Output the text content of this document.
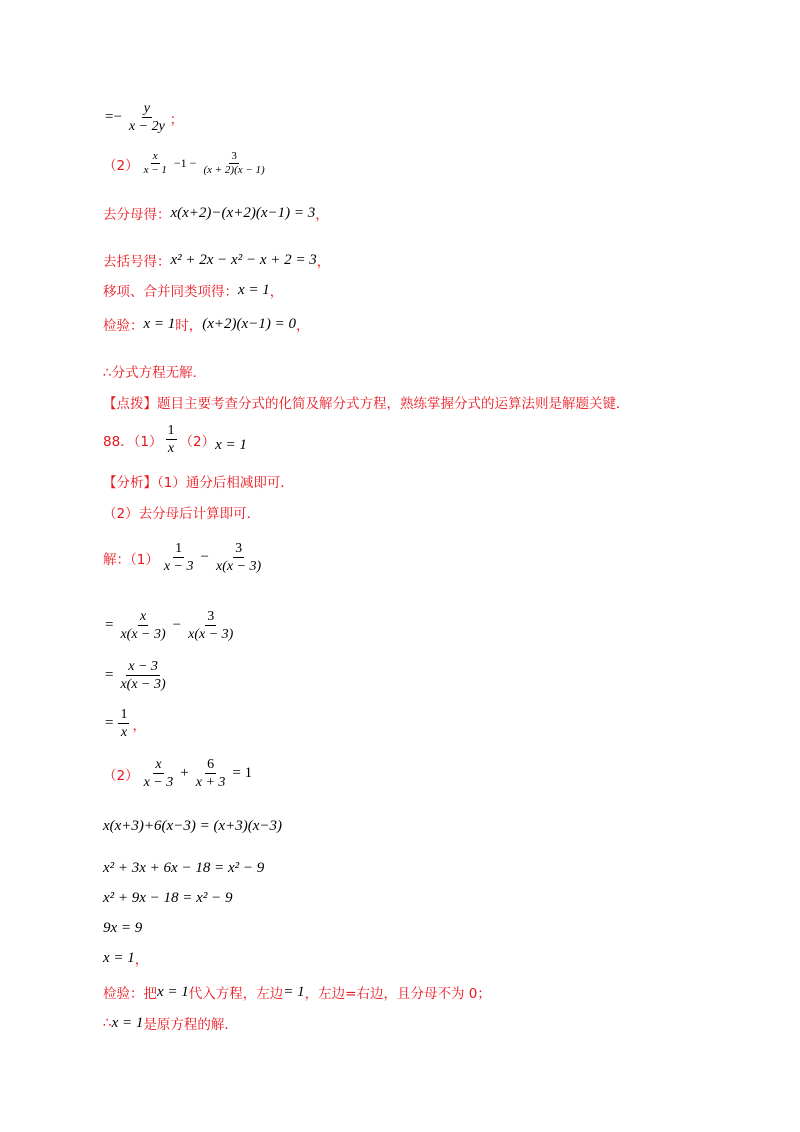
=− $\frac{y}{x - 2y}$ ；
$(2) \frac{x}{x - 1} -1 - \frac{3}{(x + 2)(x - 1)}$
去分母得： x(x+2)−(x+2)(x−1) = 3 ，
去括号得： x² + 2x − x² − x + 2 = 3 ，
移项、合并同类项得： x = 1 ，
检验： x = 1 时， (x+2)(x−1) = 0 ，
∴分式方程无解．
【点拨】题目主要考查分式的化简及解分式方程，熟练掌握分式的运算法则是解题关键．
88．$(1) \frac{1}{x} (2) x = 1$
【分析】（1）通分后相减即可．
（2）去分母后计算即可．
解：$(1) \frac{1}{x - 3} - \frac{3}{x(x - 3)}$
= $\frac{x}{x(x - 3)} - \frac{3}{x(x - 3)}$
= $\frac{x - 3}{x(x - 3)}$
= $\frac{1}{x}$ ，
$(2) \frac{x}{x - 3} + \frac{6}{x + 3} = 1$
x(x+3)+6(x−3) = (x+3)(x−3)
x² + 3x + 6x − 18 = x² − 9
x² + 9x − 18 = x² − 9
9x = 9
x = 1 ，
检验：把 x = 1 代入方程，左边 = 1 ，左边=右边，且分母不为 0；
∴ x = 1 是原方程的解．
